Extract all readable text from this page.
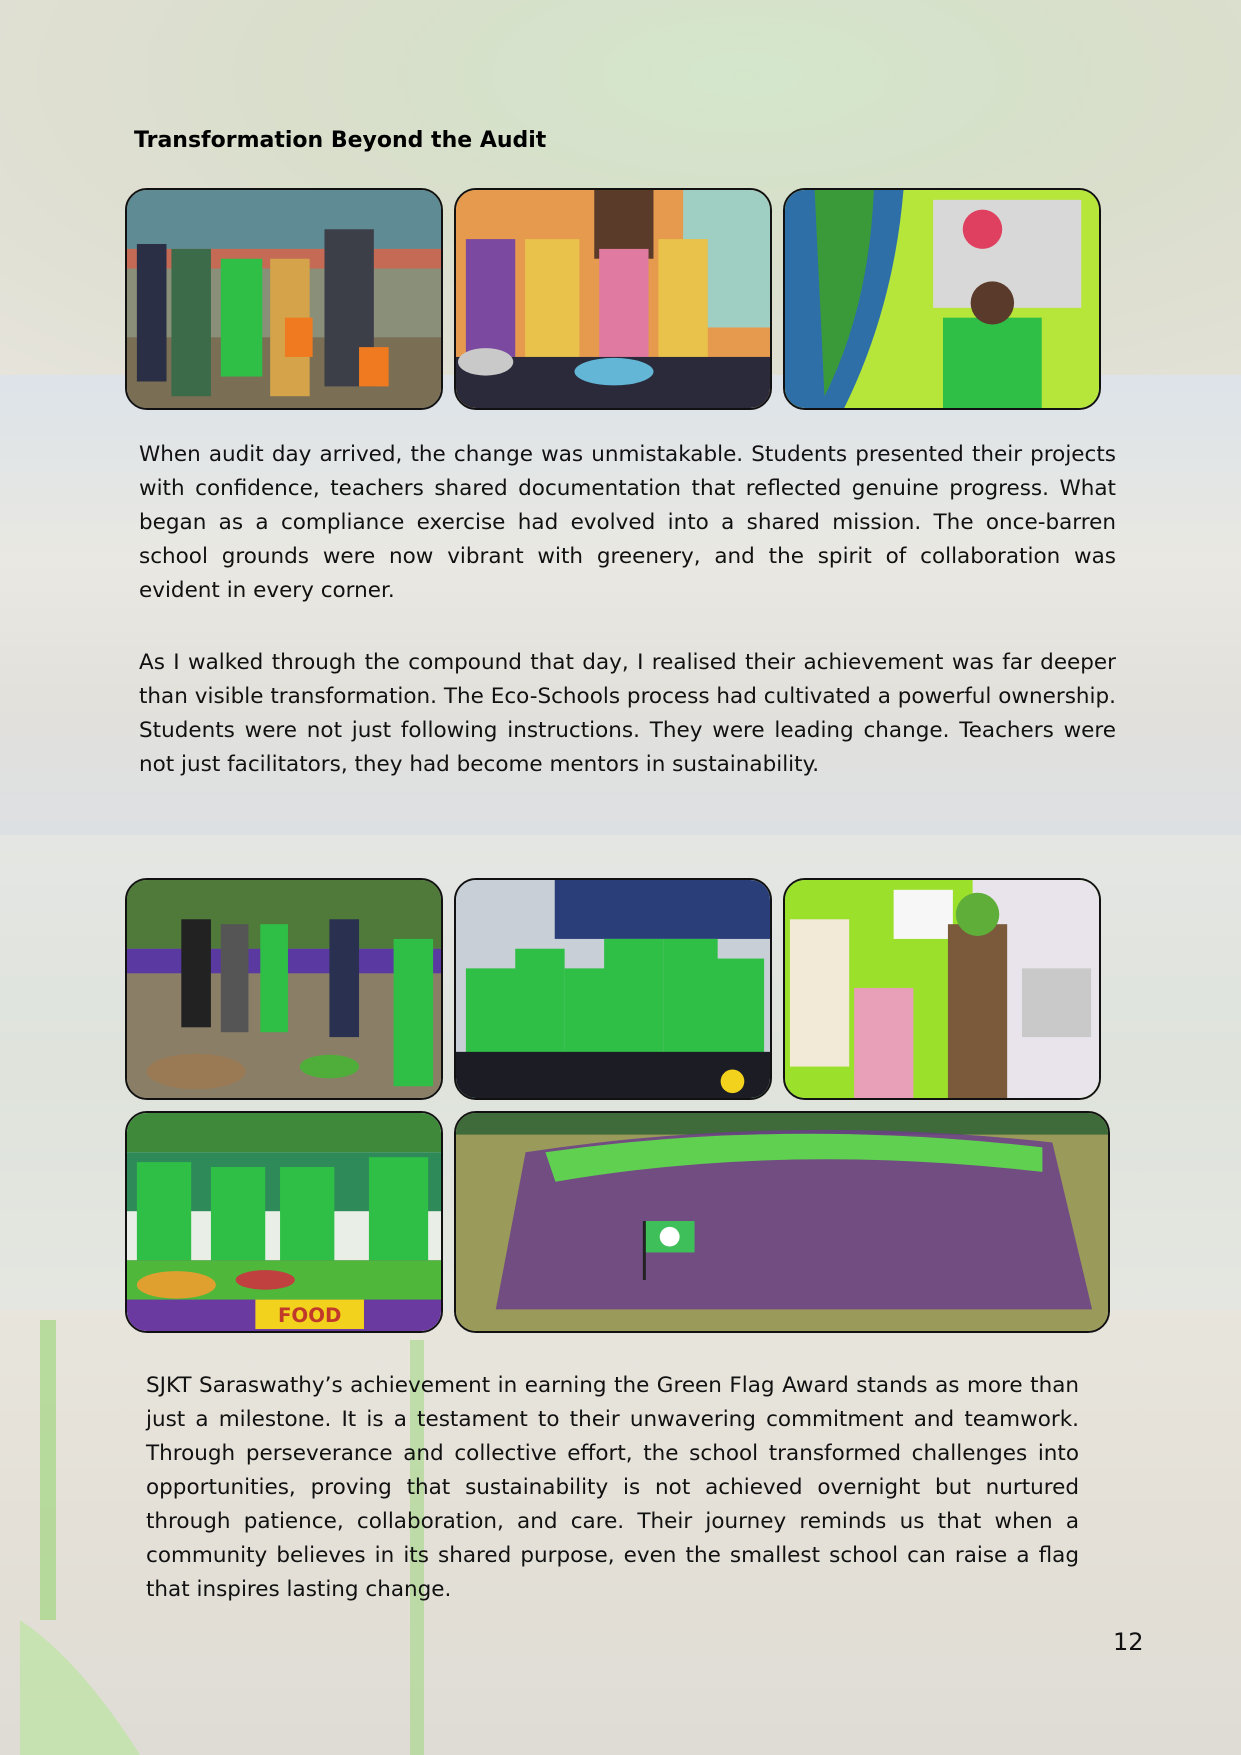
Transformation Beyond the Audit

When audit day arrived, the change was unmistakable. Students presented their projects with confidence, teachers shared documentation that reflected genuine progress. What began as a compliance exercise had evolved into a shared mission. The once-barren school grounds were now vibrant with greenery, and the spirit of collaboration was evident in every corner.

As I walked through the compound that day, I realised their achievement was far deeper than visible transformation. The Eco-Schools process had cultivated a powerful ownership. Students were not just following instructions. They were leading change. Teachers were not just facilitators, they had become mentors in sustainability.

FOOD

SJKT Saraswathy’s achievement in earning the Green Flag Award stands as more than just a milestone. It is a testament to their unwavering commitment and teamwork. Through perseverance and collective effort, the school transformed challenges into opportunities, proving that sustainability is not achieved overnight but nurtured through patience, collaboration, and care. Their journey reminds us that when a community believes in its shared purpose, even the smallest school can raise a flag that inspires lasting change.

12
